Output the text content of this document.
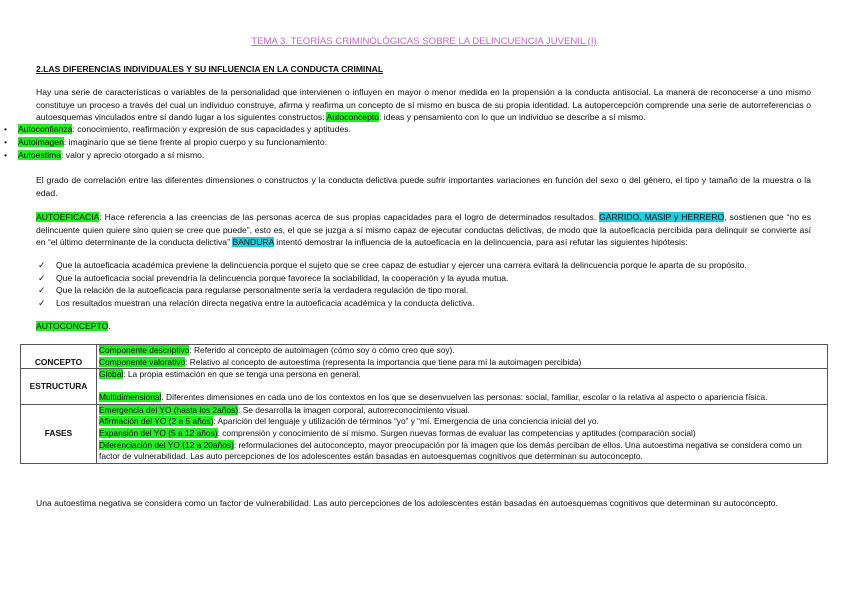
TEMA 3. TEORÍAS CRIMINOLÓGICAS SOBRE LA DELINCUENCIA JUVENIL (I)
2.LAS DIFERENCIAS INDIVIDUALES Y SU INFLUENCIA EN LA CONDUCTA CRIMINAL
Hay una serie de características o variables de la personalidad que intervienen o influyen en mayor o menor medida en la propensión a la conducta antisocial. La manera de reconocerse a uno mismo constituye un proceso a través del cual un individuo construye, afirma y reafirma un concepto de sí mismo en busca de su propia identidad. La autopercepción comprende una serie de autorreferencias o autoesquemas vinculados entre sí dando lugar a los siguientes constructos: Autoconcepto: ideas y pensamiento con lo que un individuo se describe a sí mismo.
• Autoconfianza: conocimiento, reafirmación y expresión de sus capacidades y aptitudes.
• Autoimagen: imaginario que se tiene frente al propio cuerpo y su funcionamiento.
• Autoestima: valor y aprecio otorgado a sí mismo.
El grado de correlación entre las diferentes dimensiones o constructos y la conducta delictiva puede sufrir importantes variaciones en función del sexo o del género, el tipo y tamaño de la muestra o la edad.
AUTOEFICACIA: Hace referencia a las creencias de las personas acerca de sus propias capacidades para el logro de determinados resultados. GARRIDO, MASIP y HERRERO, sostienen que “no es delincuente quien quiere sino quien se cree que puede”, esto es, el que se juzga a sí mismo capaz de ejecutar conductas delictivas, de modo que la autoeficacia percibida para delinquir se convierte así en “el último determinante de la conducta delictiva” BANDURA intentó demostrar la influencia de la autoeficacia en la delincuencia, para así refutar las siguientes hipótesis:
✓ Que la autoeficacia académica previene la delincuencia porque el sujeto que se cree capaz de estudiar y ejercer una carrera evitará la delincuencia porque le aparta de su propósito.
✓ Que la autoeficacia social prevendría la delincuencia porque favorece la sociabilidad, la cooperación y la ayuda mutua.
✓ Que la relación de la autoeficacia para regularse personalmente sería la verdadera regulación de tipo moral.
✓ Los resultados muestran una relación directa negativa entre la autoeficacia académica y la conducta delictiva.
AUTOCONCEPTO.
CONCEPTO	Componente descriptivo: Referido al concepto de autoimagen (cómo soy o cómo creo que soy).
Componente valorativo: Relativo al concepto de autoestima (representa la importancia que tiene para mí la autoimagen percibida)

ESTRUCTURA	Global: La propia estimación en que se tenga una persona en general.
Multidimensional. Diferentes dimensiones en cada uno de los contextos en los que se desenvuelven las personas: social, familiar, escolar o la relativa al aspecto o apariencia física.

FASES	Emergencia del YO (hasta los 2años): Se desarrolla la imagen corporal, autorreconocimiento visual.
Afirmación del YO (2 a 5 años): Aparición del lenguaje y utilización de términos “yo” y “mí. Emergencia de una conciencia inicial del yo.
Expansión del YO (5 a 12 años): comprensión y conocimiento de sí mismo. Surgen nuevas formas de evaluar las competencias y aptitudes (comparación social)
Diferenciación del YO (12 a 20años): reformulaciones del autoconcepto, mayor preocupación por la imagen que los demás perciban de ellos. Una autoestima negativa se considera como un factor de vulnerabilidad. Las auto percepciones de los adolescentes están basadas en autoesquemas cognitivos que determinan su autoconcepto.
Una autoestima negativa se considera como un factor de vulnerabilidad. Las auto percepciones de los adolescentes están basadas en autoesquemas cognitivos que determinan su autoconcepto.
